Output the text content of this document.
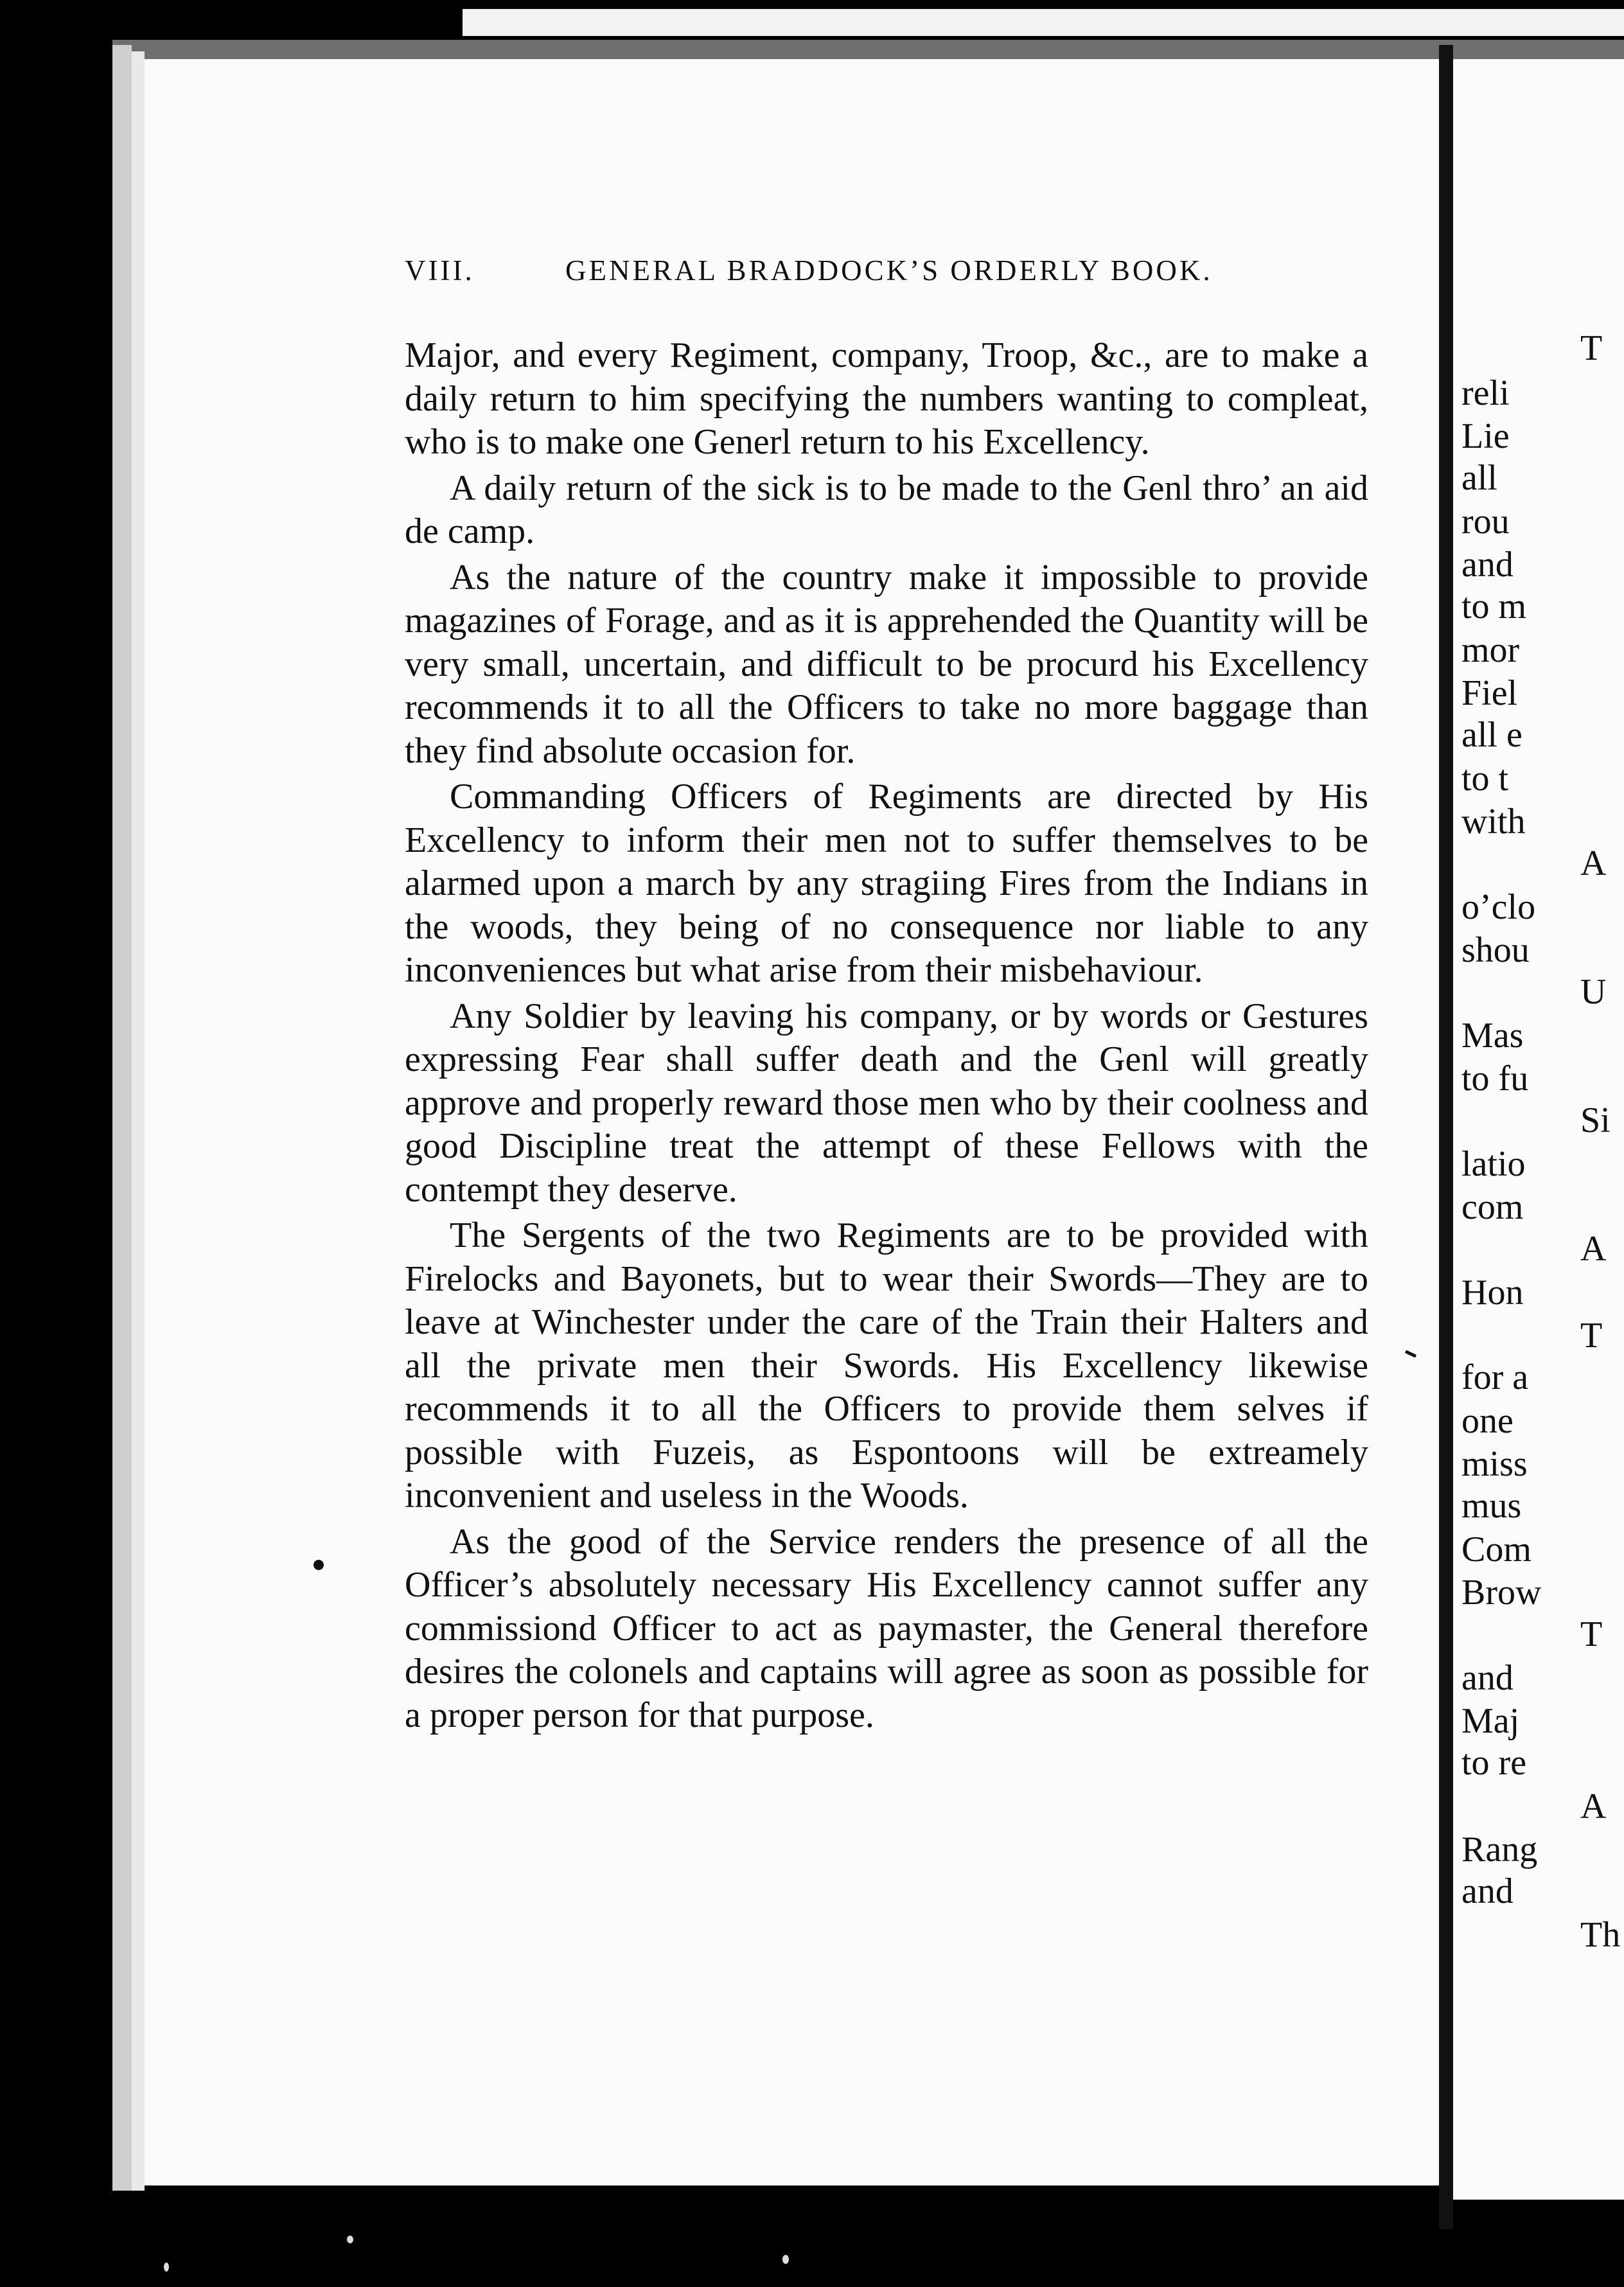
VIII.	GENERAL BRADDOCK’S ORDERLY BOOK.

Major, and every Regiment, company, Troop, &c., are to make a daily return to him specifying the numbers wanting to compleat, who is to make one Generl return to his Excellency.

A daily return of the sick is to be made to the Genl thro’ an aid de camp.

As the nature of the country make it impossible to provide magazines of Forage, and as it is apprehended the Quantity will be very small, uncertain, and difficult to be procurd his Excellency recommends it to all the Officers to take no more baggage than they find absolute occasion for.

Commanding Officers of Regiments are directed by His Excellency to inform their men not to suffer themselves to be alarmed upon a march by any stragiing Fires from the Indians in the woods, they being of no consequence nor liable to any inconveniences but what arise from their misbehaviour.

Any Soldier by leaving his company, or by words or Gestures expressing Fear shall suffer death and the Genl will greatly approve and properly reward those men who by their coolness and good Discipline treat the attempt of these Fellows with the contempt they deserve.

The Sergents of the two Regiments are to be provided with Firelocks and Bayonets, but to wear their Swords—They are to leave at Winchester under the care of the Train their Halters and all the private men their Swords. His Excellency likewise recommends it to all the Officers to provide them selves if possible with Fuzeis, as Espontoons will be extreamely inconvenient and useless in the Woods.

As the good of the Service renders the presence of all the Officer’s absolutely necessary His Excellency cannot suffer any commissiond Officer to act as paymaster, the General therefore desires the colonels and captains will agree as soon as possible for a proper person for that purpose.

T
reli
Lie
all
rou
and
to m
mor
Fiel
all e
to t
with
A
o’clo
shou
U
Mas
to fu
Si
latio
com
A
Hon
T
for a
one
miss
mus
Com
Brow
T
and
Maj
to re
A
Rang
and
Th
